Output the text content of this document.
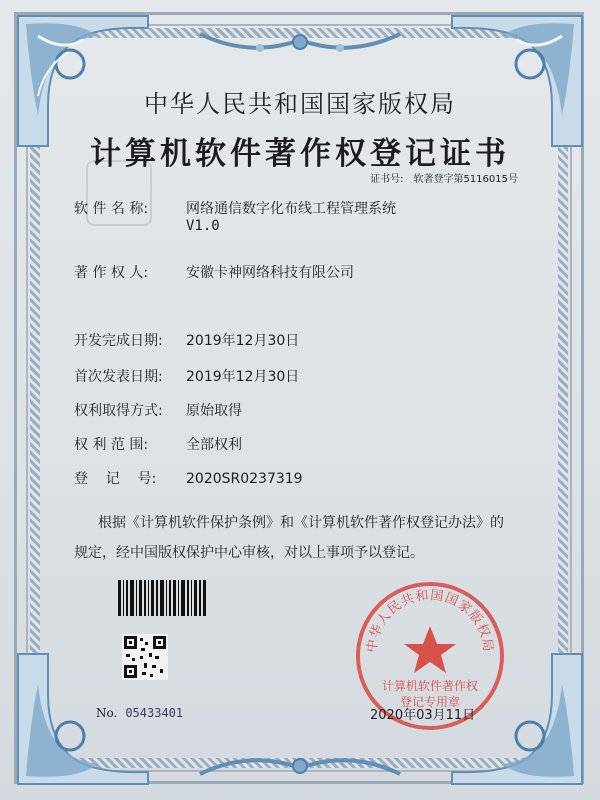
中华人民共和国国家版权局
计算机软件著作权登记证书
证书号: 软著登字第5116015号
软 件 名 称:	网络通信数字化布线工程管理系统
V1.0
著 作 权 人:	安徽卡神网络科技有限公司
开发完成日期: 2019年12月30日
首次发表日期: 2019年12月30日
权利取得方式: 原始取得
权 利 范 围:	全部权利
登    记    号: 2020SR0237319
根据《计算机软件保护条例》和《计算机软件著作权登记办法》的
规定，经中国版权保护中心审核，对以上事项予以登记。
No. 05433401
中华人民共和国国家版权局
计算机软件著作权
登记专用章
2020年03月11日
